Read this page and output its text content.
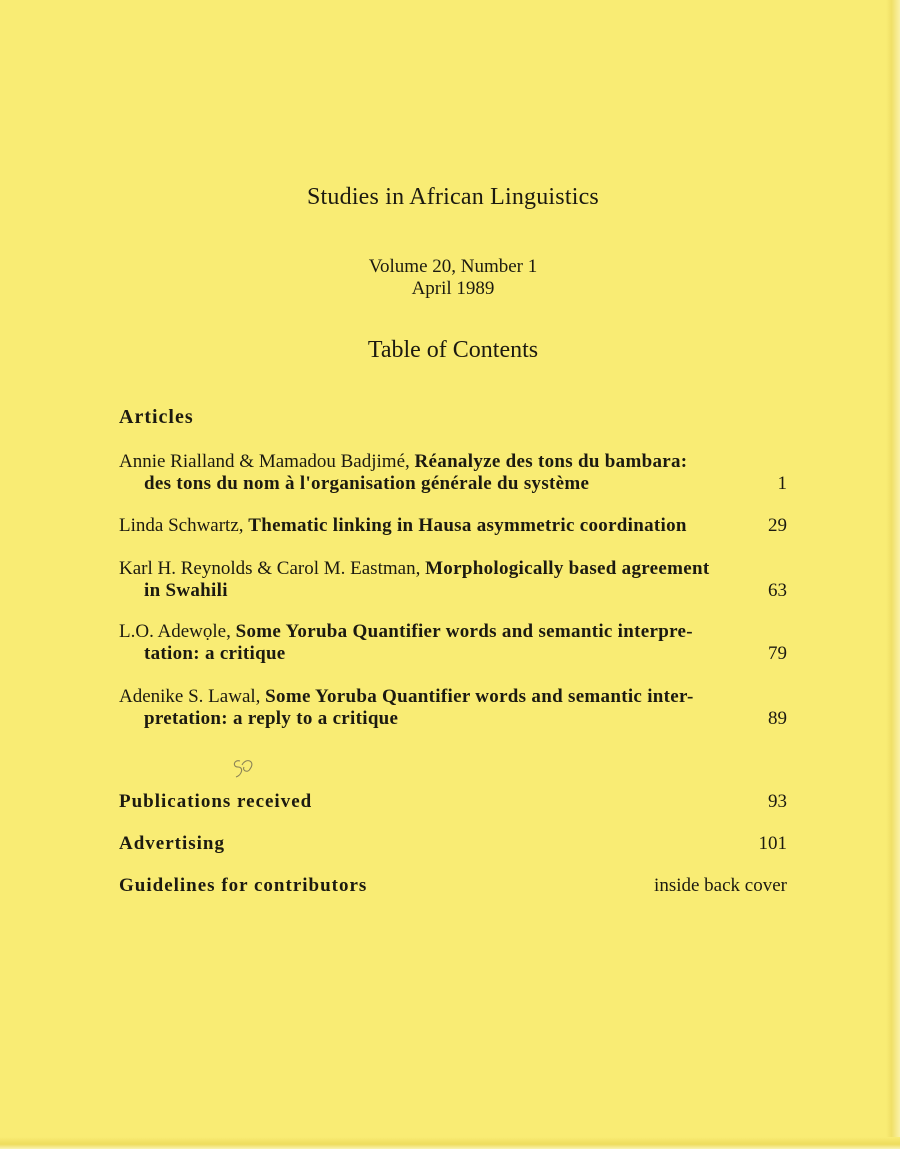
Studies in African Linguistics
Volume 20, Number 1
April 1989
Table of Contents
Articles
Annie Rialland & Mamadou Badjimé, Réanalyze des tons du bambara:
des tons du nom à l'organisation générale du système	1
Linda Schwartz, Thematic linking in Hausa asymmetric coordination	29
Karl H. Reynolds & Carol M. Eastman, Morphologically based agreement
in Swahili	63
L.O. Adewọle, Some Yoruba Quantifier words and semantic interpre-
tation: a critique	79
Adenike S. Lawal, Some Yoruba Quantifier words and semantic inter-
pretation: a reply to a critique	89
Publications received	93
Advertising	101
Guidelines for contributors	inside back cover
